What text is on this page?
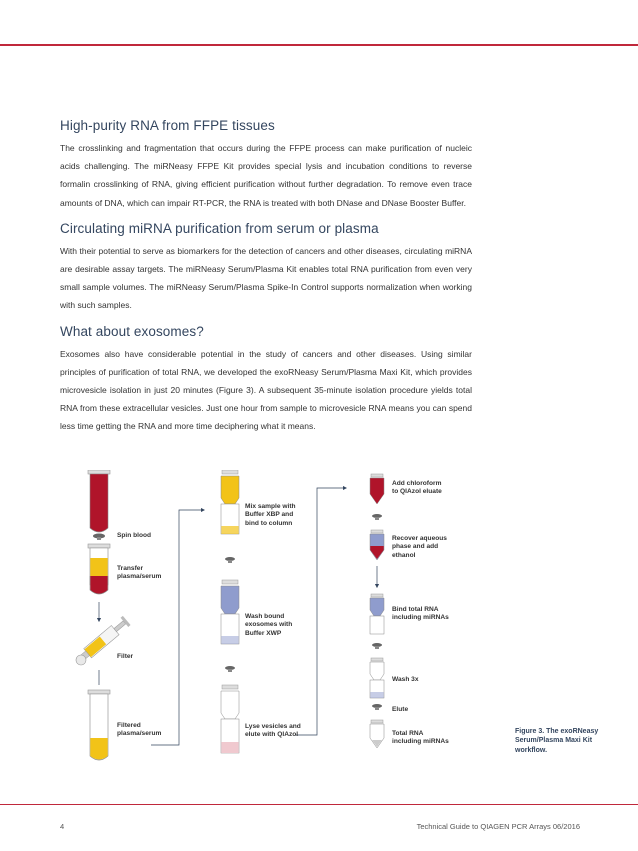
High-purity RNA from FFPE tissues

The crosslinking and fragmentation that occurs during the FFPE process can make purification of nucleic acids challenging. The miRNeasy FFPE Kit provides special lysis and incubation conditions to reverse formalin crosslinking of RNA, giving efficient purification without further degradation. To remove even trace amounts of DNA, which can impair RT-PCR, the RNA is treated with both DNase and DNase Booster Buffer.

Circulating miRNA purification from serum or plasma

With their potential to serve as biomarkers for the detection of cancers and other diseases, circulating miRNA are desirable assay targets. The miRNeasy Serum/Plasma Kit enables total RNA purification from even very small sample volumes. The miRNeasy Serum/Plasma Spike-In Control supports normalization when working with such samples.

What about exosomes?

Exosomes also have considerable potential in the study of cancers and other diseases. Using similar principles of purification of total RNA, we developed the exoRNeasy Serum/Plasma Maxi Kit, which provides microvesicle isolation in just 20 minutes (Figure 3). A subsequent 35-minute isolation procedure yields total RNA from these extracellular vesicles. Just one hour from sample to microvesicle RNA means you can spend less time getting the RNA and more time deciphering what it means.

Spin blood
Transfer
plasma/serum
Filter
Filtered
plasma/serum
Mix sample with
Buffer XBP and
bind to column
Wash bound
exosomes with
Buffer XWP
Lyse vesicles and
elute with QIAzol
Add chloroform
to QIAzol eluate
Recover aqueous
phase and add
ethanol
Bind total RNA
including miRNAs
Wash 3x
Elute
Total RNA
including miRNAs
Figure 3. The exoRNeasy
Serum/Plasma Maxi Kit
workflow.
4	Technical Guide to QIAGEN PCR Arrays 06/2016
